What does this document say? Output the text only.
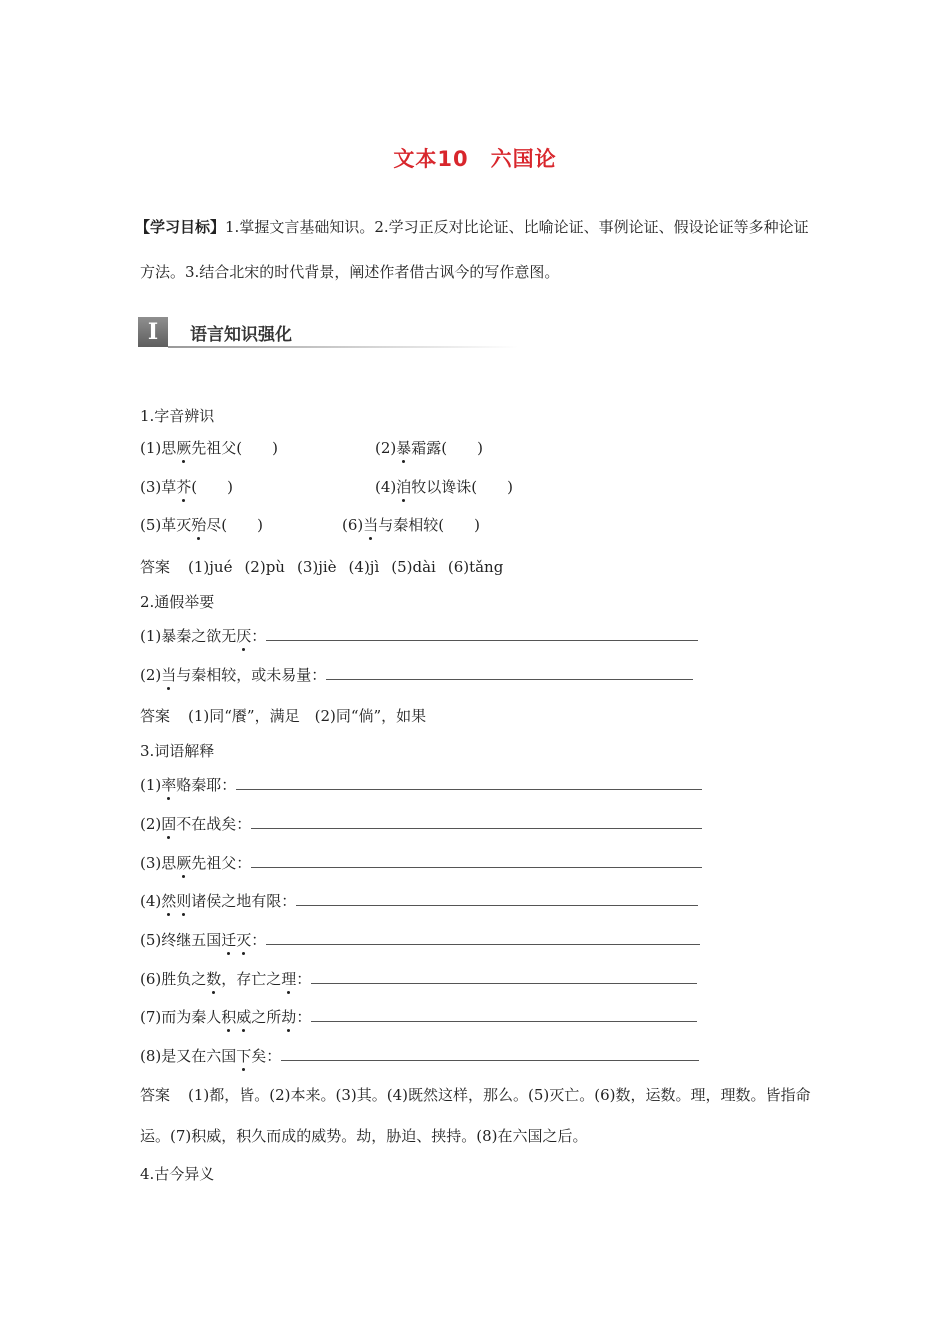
文本10　六国论
【学习目标】1.掌握文言基础知识。2.学习正反对比论证、比喻论证、事例论证、假设论证等多种论证方法。3.结合北宋的时代背景，阐述作者借古讽今的写作意图。
I	语言知识强化
1.字音辨识
(1)思厥先祖父(　　)	(2)暴霜露(　　)
(3)草芥(　　)	(4)洎牧以谗诛(　　)
(5)革灭殆尽(　　)	(6)当与秦相较(　　)
答案 (1)jué (2)pù (3)jiè (4)jì (5)dài (6)tǎng
2.通假举要
(1)暴秦之欲无厌：
(2)当与秦相较，或未易量：
答案 (1)同“餍”，满足　(2)同“倘”，如果
3.词语解释
(1)率赂秦耶：
(2)固不在战矣：
(3)思厥先祖父：
(4)然则诸侯之地有限：
(5)终继五国迁灭：
(6)胜负之数，存亡之理：
(7)而为秦人积威之所劫：
(8)是又在六国下矣：
答案 (1)都，皆。(2)本来。(3)其。(4)既然这样，那么。(5)灭亡。(6)数，运数。理，理数。皆指命运。(7)积威，积久而成的威势。劫，胁迫、挟持。(8)在六国之后。
4.古今异义
